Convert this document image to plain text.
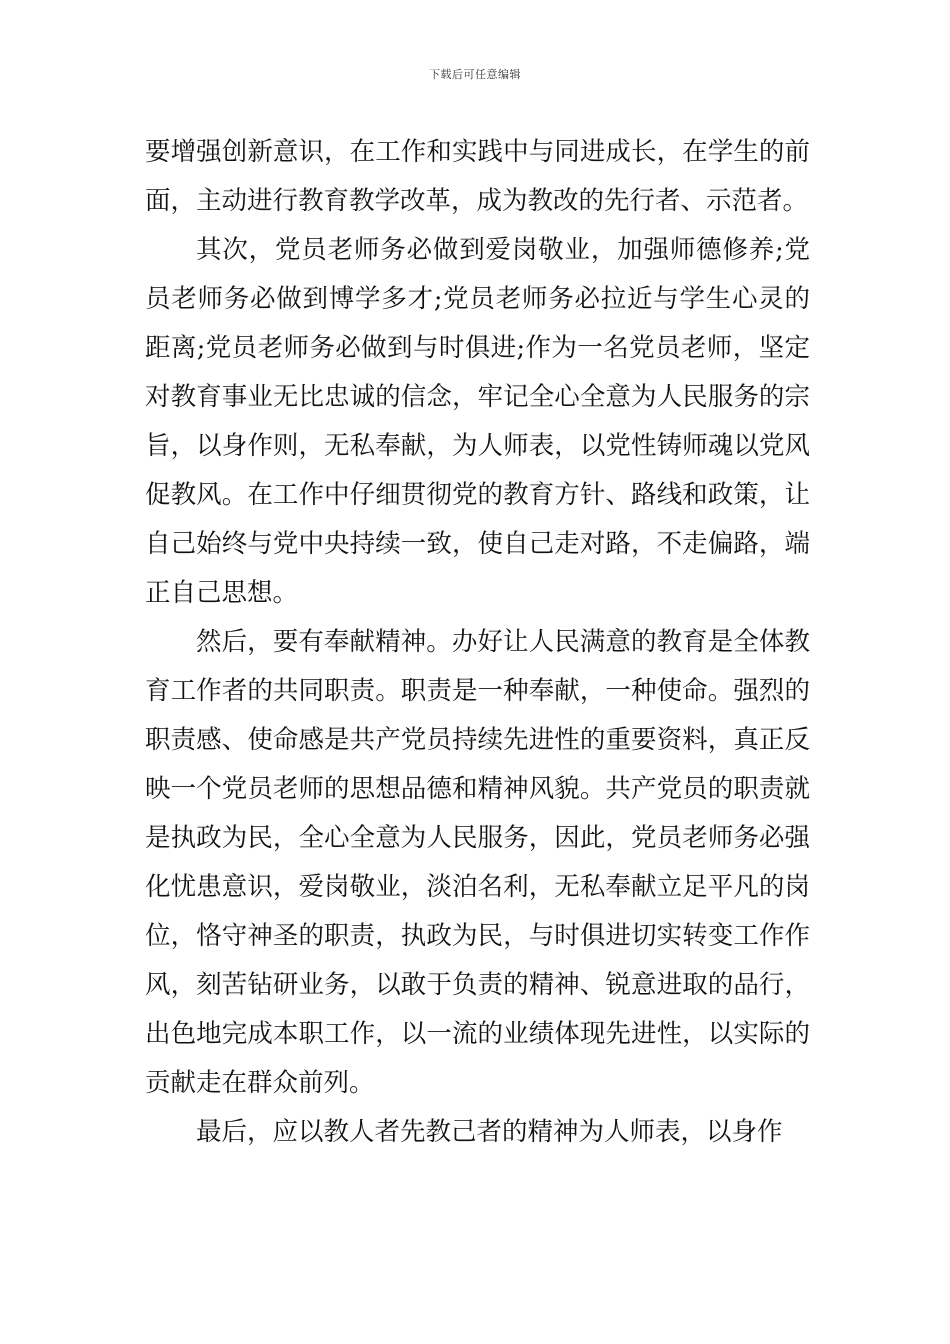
下载后可任意编辑

要增强创新意识，在工作和实践中与同进成长，在学生的前面，主动进行教育教学改革，成为教改的先行者、示范者。

其次，党员老师务必做到爱岗敬业，加强师德修养;党员老师务必做到博学多才;党员老师务必拉近与学生心灵的距离;党员老师务必做到与时俱进;作为一名党员老师，坚定对教育事业无比忠诚的信念，牢记全心全意为人民服务的宗旨，以身作则，无私奉献，为人师表，以党性铸师魂以党风促教风。在工作中仔细贯彻党的教育方针、路线和政策，让自己始终与党中央持续一致，使自己走对路，不走偏路，端正自己思想。

然后，要有奉献精神。办好让人民满意的教育是全体教育工作者的共同职责。职责是一种奉献，一种使命。强烈的职责感、使命感是共产党员持续先进性的重要资料，真正反映一个党员老师的思想品德和精神风貌。共产党员的职责就是执政为民，全心全意为人民服务，因此，党员老师务必强化忧患意识，爱岗敬业，淡泊名利，无私奉献立足平凡的岗位，恪守神圣的职责，执政为民，与时俱进切实转变工作作风，刻苦钻研业务，以敢于负责的精神、锐意进取的品行，出色地完成本职工作，以一流的业绩体现先进性，以实际的贡献走在群众前列。

最后，应以教人者先教己者的精神为人师表，以身作
